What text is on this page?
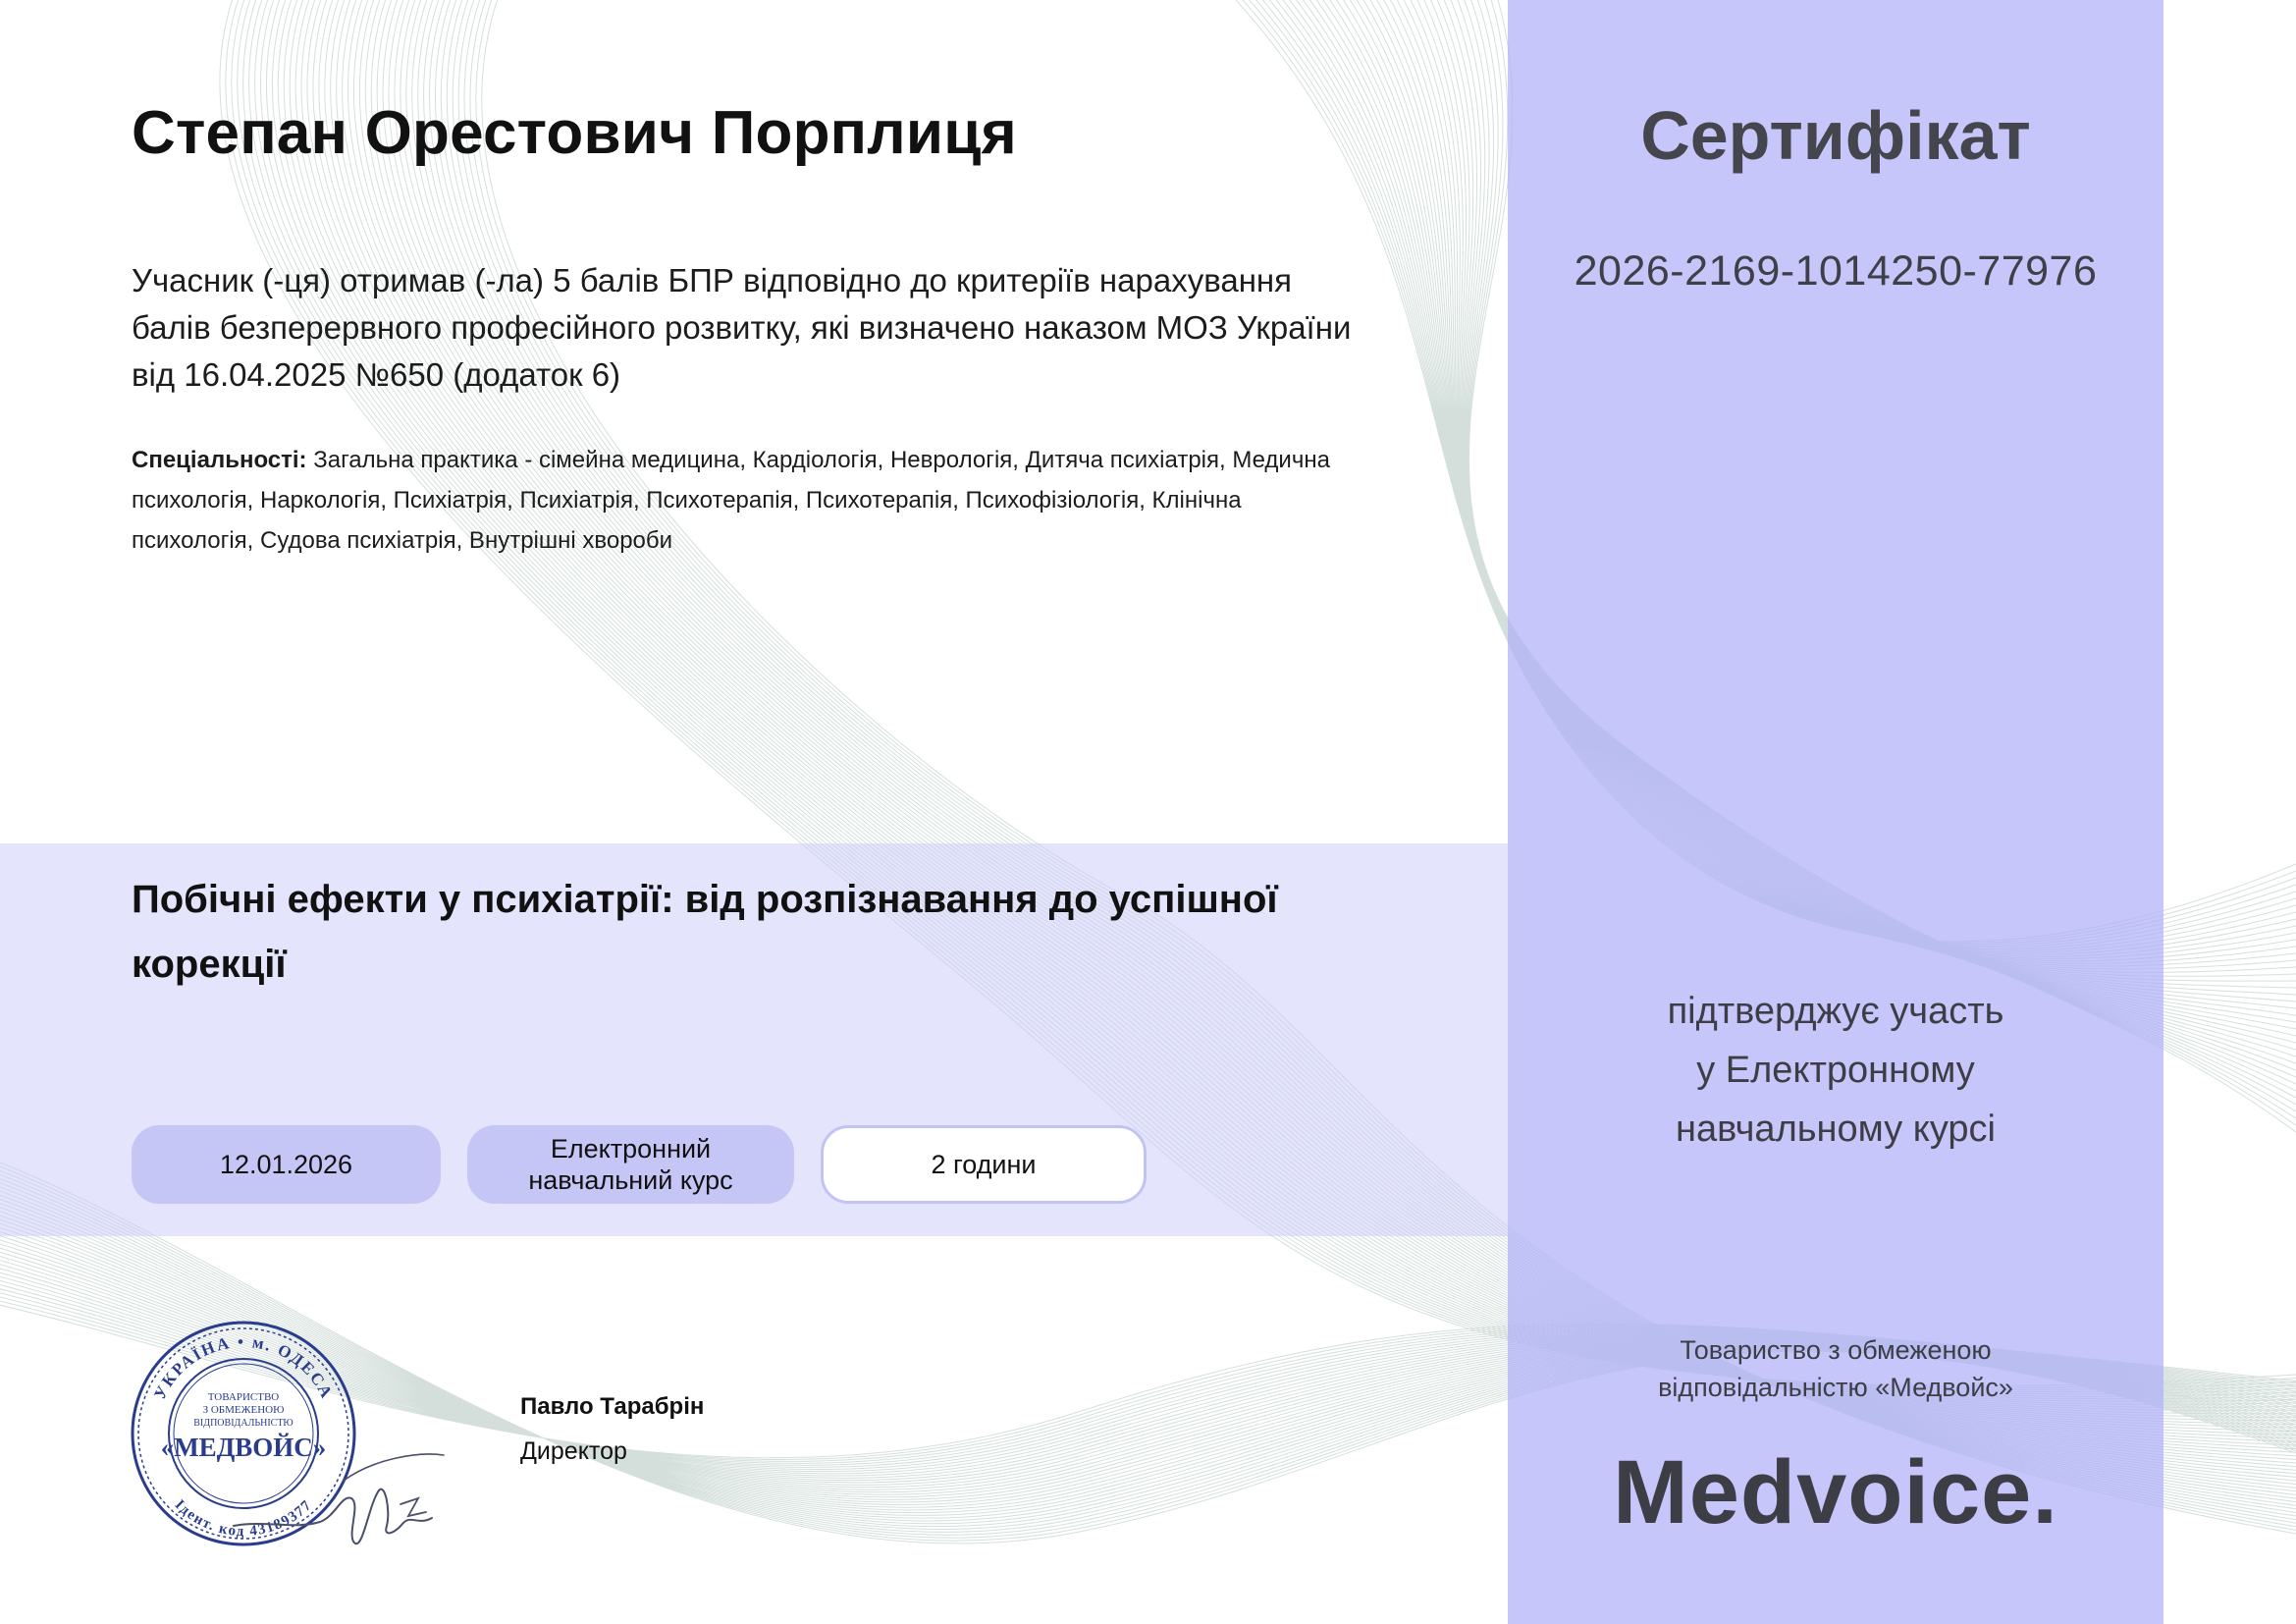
Степан Орестович Порплиця
Учасник (-ця) отримав (-ла) 5 балів БПР відповідно до критеріїв нарахування
балів безперервного професійного розвитку, які визначено наказом МОЗ України
від 16.04.2025 №650 (додаток 6)
Спеціальності: Загальна практика - сімейна медицина, Кардіологія, Неврологія, Дитяча психіатрія, Медична
психологія, Наркологія, Психіатрія, Психіатрія, Психотерапія, Психотерапія, Психофізіологія, Клінічна
психологія, Судова психіатрія, Внутрішні хвороби
Побічні ефекти у психіатрії: від розпізнавання до успішної
корекції
12.01.2026
Електронний
навчальний курс
2 години
УКРАЇНА • м. ОДЕСА
Ідент. код 43189377
ТОВАРИСТВО
З ОБМЕЖЕНОЮ
ВІДПОВІДАЛЬНІСТЮ
«МЕДВОЙС»
Павло Тарабрін
Директор
Сертифікат
2026-2169-1014250-77976
підтверджує участь
у Електронному
навчальному курсі
Товариство з обмеженою
відповідальністю «Медвойс»
Medvoice.
